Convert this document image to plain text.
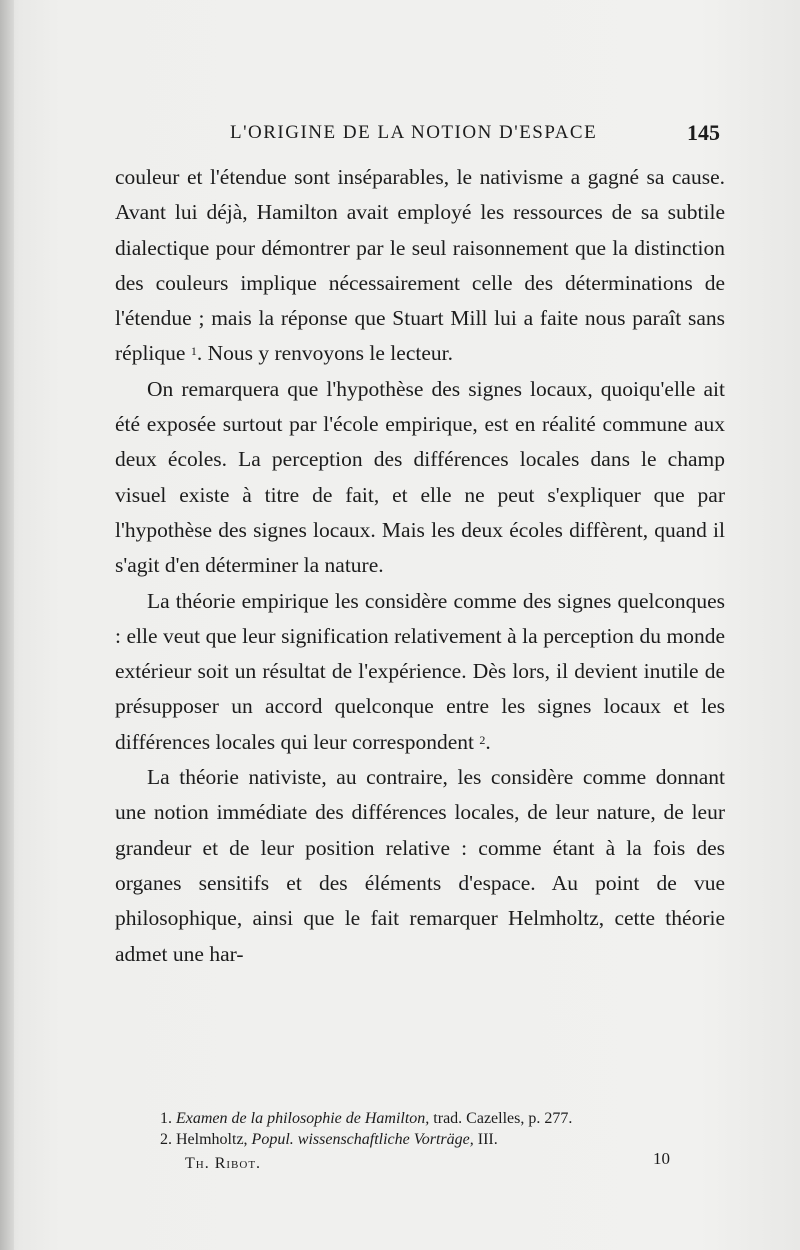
L'ORIGINE DE LA NOTION D'ESPACE	145

couleur et l'étendue sont inséparables, le nativisme a gagné sa cause. Avant lui déjà, Hamilton avait employé les ressources de sa subtile dialectique pour démontrer par le seul raisonnement que la distinction des couleurs implique nécessairement celle des déterminations de l'étendue ; mais la réponse que Stuart Mill lui a faite nous paraît sans réplique $^1$. Nous y renvoyons le lecteur.

On remarquera que l'hypothèse des signes locaux, quoiqu'elle ait été exposée surtout par l'école empirique, est en réalité commune aux deux écoles. La perception des différences locales dans le champ visuel existe à titre de fait, et elle ne peut s'expliquer que par l'hypothèse des signes locaux. Mais les deux écoles diffèrent, quand il s'agit d'en déterminer la nature.

La théorie empirique les considère comme des signes quelconques : elle veut que leur signification relativement à la perception du monde extérieur soit un résultat de l'expérience. Dès lors, il devient inutile de présupposer un accord quelconque entre les signes locaux et les différences locales qui leur correspondent $^2$.

La théorie nativiste, au contraire, les considère comme donnant une notion immédiate des différences locales, de leur nature, de leur grandeur et de leur position relative : comme étant à la fois des organes sensitifs et des éléments d'espace. Au point de vue philosophique, ainsi que le fait remarquer Helmholtz, cette théorie admet une har-

1. Examen de la philosophie de Hamilton, trad. Cazelles, p. 277.
2. Helmholtz, Popul. wissenschaftliche Vorträge, III.
Th. Ribot.	10
